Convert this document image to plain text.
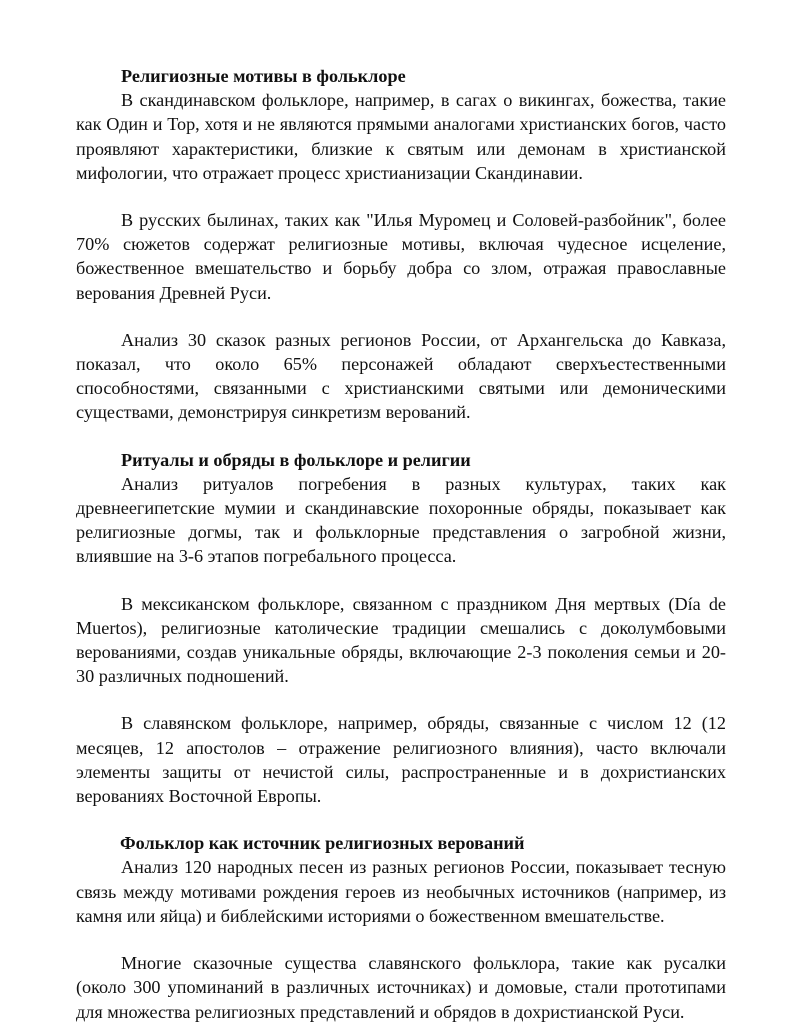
Религиозные мотивы в фольклоре

В скандинавском фольклоре, например, в сагах о викингах, божества, такие как Один и Тор, хотя и не являются прямыми аналогами христианских богов, часто проявляют характеристики, близкие к святым или демонам в христианской мифологии, что отражает процесс христианизации Скандинавии.

В русских былинах, таких как "Илья Муромец и Соловей-разбойник", более 70% сюжетов содержат религиозные мотивы, включая чудесное исцеление, божественное вмешательство и борьбу добра со злом, отражая православные верования Древней Руси.

Анализ 30 сказок разных регионов России, от Архангельска до Кавказа, показал, что около 65% персонажей обладают сверхъестественными способностями, связанными с христианскими святыми или демоническими существами, демонстрируя синкретизм верований.

Ритуалы и обряды в фольклоре и религии

Анализ ритуалов погребения в разных культурах, таких как древнеегипетские мумии и скандинавские похоронные обряды, показывает как религиозные догмы, так и фольклорные представления о загробной жизни, влиявшие на 3-6 этапов погребального процесса.

В мексиканском фольклоре, связанном с праздником Дня мертвых (Día de Muertos), религиозные католические традиции смешались с доколумбовыми верованиями, создав уникальные обряды, включающие 2-3 поколения семьи и 20-30 различных подношений.

В славянском фольклоре, например, обряды, связанные с числом 12 (12 месяцев, 12 апостолов – отражение религиозного влияния), часто включали элементы защиты от нечистой силы, распространенные и в дохристианских верованиях Восточной Европы.

Фольклор как источник религиозных верований

Анализ 120 народных песен из разных регионов России, показывает тесную связь между мотивами рождения героев из необычных источников (например, из камня или яйца) и библейскими историями о божественном вмешательстве.

Многие сказочные существа славянского фольклора, такие как русалки (около 300 упоминаний в различных источниках) и домовые, стали прототипами для множества религиозных представлений и обрядов в дохристианской Руси.
